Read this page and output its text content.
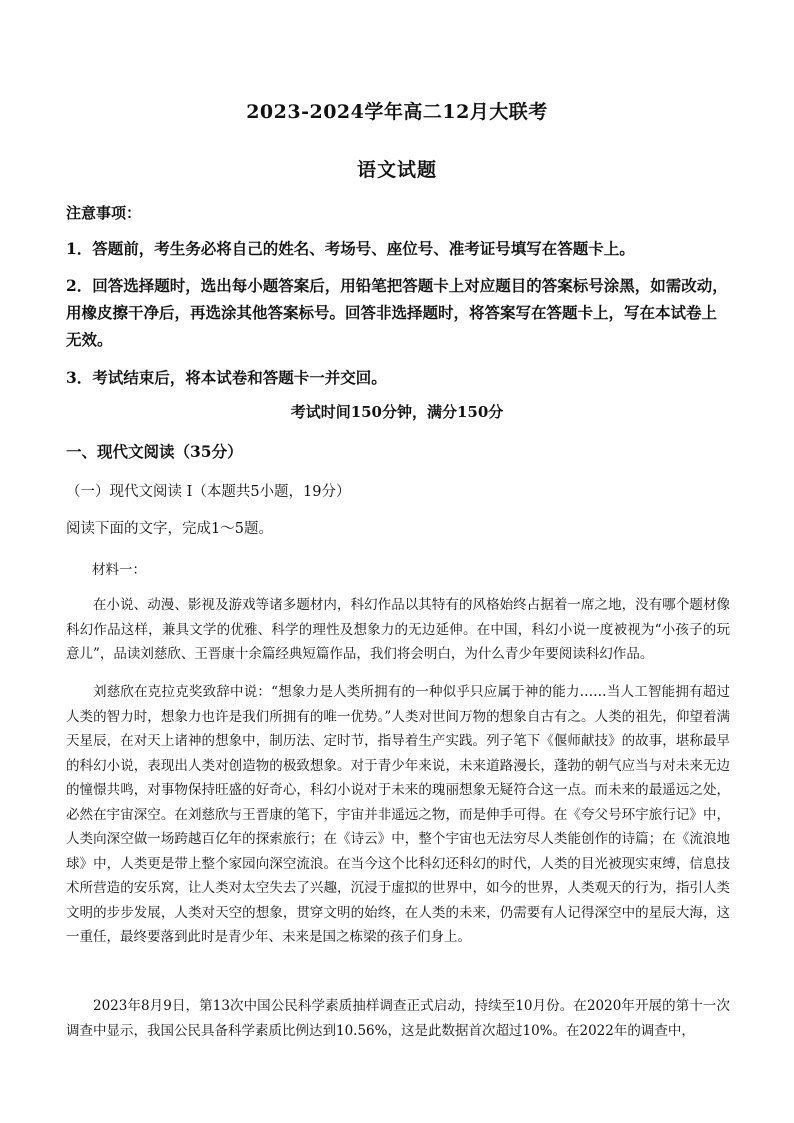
2023-2024学年高二12月大联考
语文试题
注意事项：
1．答题前，考生务必将自己的姓名、考场号、座位号、准考证号填写在答题卡上。
2．回答选择题时，选出每小题答案后，用铅笔把答题卡上对应题目的答案标号涂黑，如需改动，用橡皮擦干净后，再选涂其他答案标号。回答非选择题时，将答案写在答题卡上，写在本试卷上无效。
3．考试结束后，将本试卷和答题卡一并交回。
考试时间150分钟，满分150分
一、现代文阅读（35分）
（一）现代文阅读 I（本题共5小题，19分）
阅读下面的文字，完成1～5题。
材料一：
在小说、动漫、影视及游戏等诸多题材内，科幻作品以其特有的风格始终占据着一席之地，没有哪个题材像科幻作品这样，兼具文学的优雅、科学的理性及想象力的无边延伸。在中国，科幻小说一度被视为“小孩子的玩意儿”，品读刘慈欣、王晋康十余篇经典短篇作品，我们将会明白，为什么青少年要阅读科幻作品。
刘慈欣在克拉克奖致辞中说：“想象力是人类所拥有的一种似乎只应属于神的能力……当人工智能拥有超过人类的智力时，想象力也许是我们所拥有的唯一优势。”人类对世间万物的想象自古有之。人类的祖先，仰望着满天星辰，在对天上诸神的想象中，制历法、定时节，指导着生产实践。列子笔下《偃师献技》的故事，堪称最早的科幻小说，表现出人类对创造物的极致想象。对于青少年来说，未来道路漫长，蓬勃的朝气应当与对未来无边的憧憬共鸣，对事物保持旺盛的好奇心，科幻小说对于未来的瑰丽想象无疑符合这一点。而未来的最遥远之处，必然在宇宙深空。在刘慈欣与王晋康的笔下，宇宙并非遥远之物，而是伸手可得。在《夸父号环宇旅行记》中，人类向深空做一场跨越百亿年的探索旅行；在《诗云》中，整个宇宙也无法穷尽人类能创作的诗篇；在《流浪地球》中，人类更是带上整个家园向深空流浪。在当今这个比科幻还科幻的时代，人类的目光被现实束缚，信息技术所营造的安乐窝，让人类对太空失去了兴趣，沉浸于虚拟的世界中，如今的世界，人类观天的行为，指引人类文明的步步发展，人类对天空的想象，贯穿文明的始终，在人类的未来，仍需要有人记得深空中的星辰大海，这一重任，最终要落到此时是青少年、未来是国之栋梁的孩子们身上。
2023年8月9日，第13次中国公民科学素质抽样调查正式启动，持续至10月份。在2020年开展的第十一次调查中显示，我国公民具备科学素质比例达到10.56%，这是此数据首次超过10%。在2022年的调查中，
